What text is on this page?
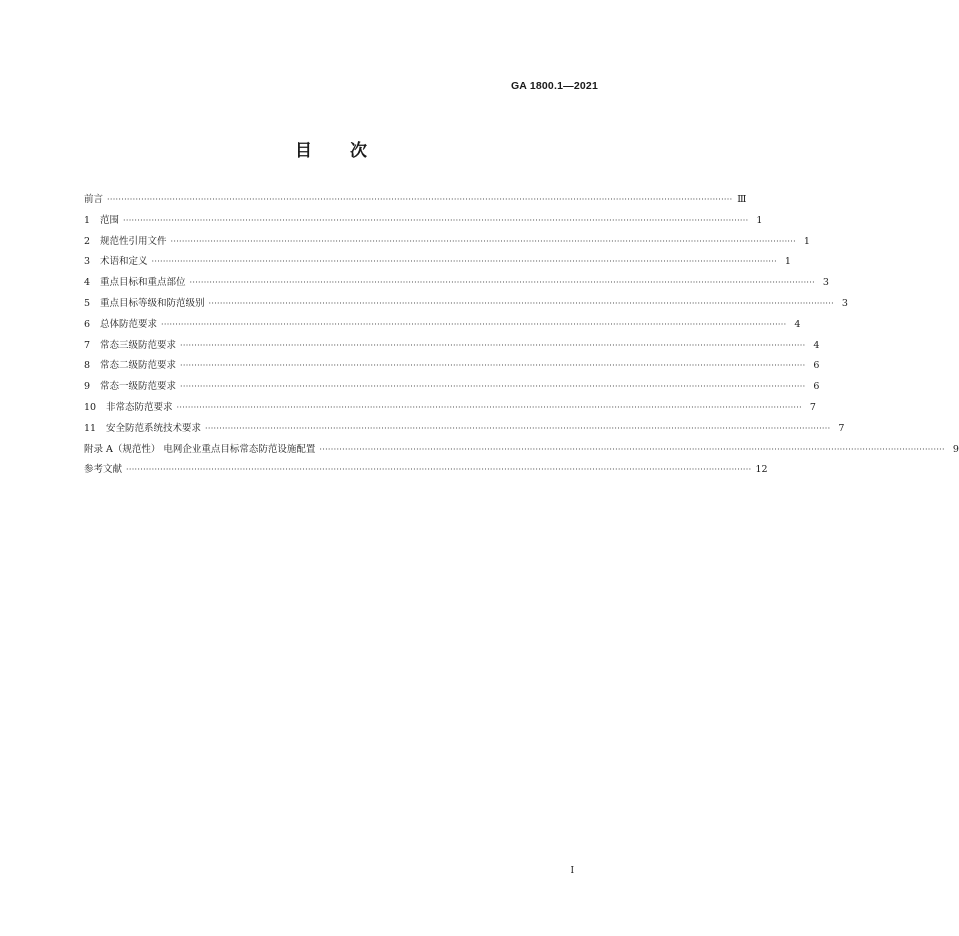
GA 1800.1—2021
目 次
前言 ···························································································································································································································· Ⅲ
1 范围 ···························································································································································································································· 1
2 规范性引用文件 ···························································································································································································································· 1
3 术语和定义 ···························································································································································································································· 1
4 重点目标和重点部位 ···························································································································································································································· 3
5 重点目标等级和防范级别 ···························································································································································································································· 3
6 总体防范要求 ···························································································································································································································· 4
7 常态三级防范要求 ···························································································································································································································· 4
8 常态二级防范要求 ···························································································································································································································· 6
9 常态一级防范要求 ···························································································································································································································· 6
10 非常态防范要求 ···························································································································································································································· 7
11 安全防范系统技术要求 ···························································································································································································································· 7
附录 A（规范性） 电网企业重点目标常态防范设施配置 ···························································································································································································································· 9
参考文献 ···························································································································································································································· 12
I
